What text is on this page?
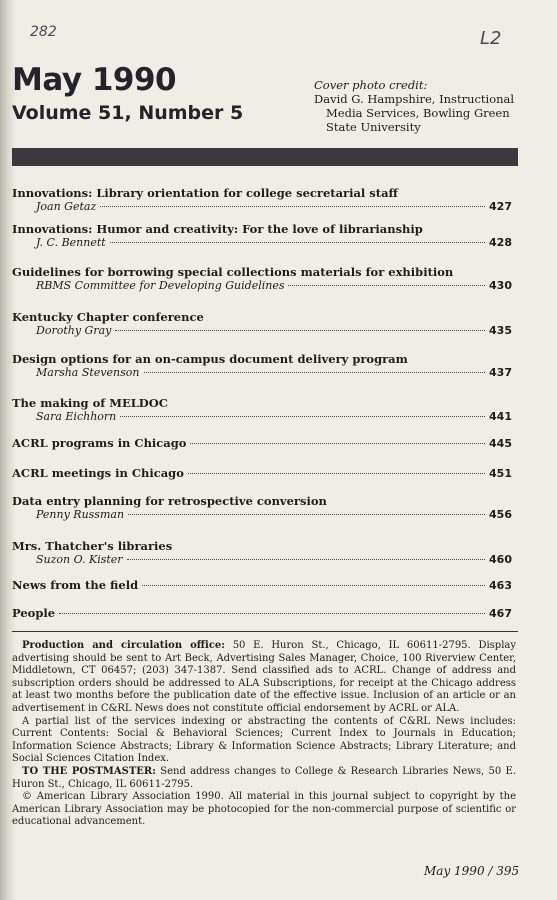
282	L2
May 1990
Volume 51, Number 5
Cover photo credit:
David G. Hampshire, Instructional
Media Services, Bowling Green
State University
Innovations: Library orientation for college secretarial staff
Joan Getaz	427
Innovations: Humor and creativity: For the love of librarianship
J. C. Bennett	428
Guidelines for borrowing special collections materials for exhibition
RBMS Committee for Developing Guidelines	430
Kentucky Chapter conference
Dorothy Gray	435
Design options for an on-campus document delivery program
Marsha Stevenson	437
The making of MELDOC
Sara Eichhorn	441
ACRL programs in Chicago	445
ACRL meetings in Chicago	451
Data entry planning for retrospective conversion
Penny Russman	456
Mrs. Thatcher's libraries
Suzon O. Kister	460
News from the field	463
People	467

Production and circulation office: 50 E. Huron St., Chicago, IL 60611-2795. Display advertising should be sent to Art Beck, Advertising Sales Manager, Choice, 100 Riverview Center, Middletown, CT 06457; (203) 347-1387. Send classified ads to ACRL. Change of address and subscription orders should be addressed to ALA Subscriptions, for receipt at the Chicago address at least two months before the publication date of the effective issue. Inclusion of an article or an advertisement in C&RL News does not constitute official endorsement by ACRL or ALA.

A partial list of the services indexing or abstracting the contents of C&RL News includes: Current Contents: Social & Behavioral Sciences; Current Index to Journals in Education; Information Science Abstracts; Library & Information Science Abstracts; Library Literature; and Social Sciences Citation Index.

TO THE POSTMASTER: Send address changes to College & Research Libraries News, 50 E. Huron St., Chicago, IL 60611-2795.

© American Library Association 1990. All material in this journal subject to copyright by the American Library Association may be photocopied for the non-commercial purpose of scientific or educational advancement.

May 1990 / 395
